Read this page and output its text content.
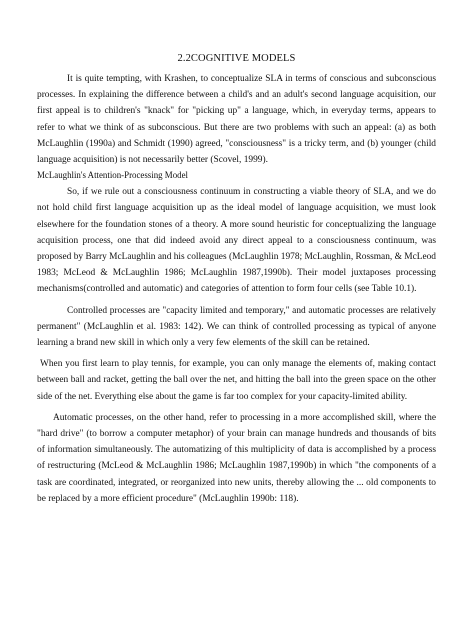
2.2COGNITIVE MODELS

It is quite tempting, with Krashen, to conceptualize SLA in terms of conscious and subconscious processes. In explaining the difference between a child's and an adult's second language acquisition, our first appeal is to children's "knack" for "picking up" a language, which, in everyday terms, appears to refer to what we think of as subconscious. But there are two problems with such an appeal: (a) as both McLaughlin (1990a) and Schmidt (1990) agreed, "consciousness" is a tricky term, and (b) younger (child language acquisition) is not necessarily better (Scovel, 1999).

McLaughlin's Attention-Processing Model

So, if we rule out a consciousness continuum in constructing a viable theory of SLA, and we do not hold child first language acquisition up as the ideal model of language acquisition, we must look elsewhere for the foundation stones of a theory. A more sound heuristic for conceptualizing the language acquisition process, one that did indeed avoid any direct appeal to a consciousness continuum, was proposed by Barry McLaughlin and his colleagues (McLaughlin 1978; McLaughlin, Rossman, & McLeod 1983; McLeod & McLaughlin 1986; McLaughlin 1987,1990b). Their model juxtaposes processing mechanisms(controlled and automatic) and categories of attention to form four cells (see Table 10.1).

Controlled processes are "capacity limited and temporary," and automatic processes are relatively permanent" (McLaughlin et al. 1983: 142). We can think of controlled processing as typical of anyone learning a brand new skill in which only a very few elements of the skill can be retained.

When you first learn to play tennis, for example, you can only manage the elements of, making contact between ball and racket, getting the ball over the net, and hitting the ball into the green space on the other side of the net. Everything else about the game is far too complex for your capacity-limited ability.

Automatic processes, on the other hand, refer to processing in a more accomplished skill, where the "hard drive" (to borrow a computer metaphor) of your brain can manage hundreds and thousands of bits of information simultaneously. The automatizing of this multiplicity of data is accomplished by a process of restructuring (McLeod & McLaughlin 1986; McLaughlin 1987,1990b) in which "the components of a task are coordinated, integrated, or reorganized into new units, thereby allowing the ... old components to be replaced by a more efficient procedure" (McLaughlin 1990b: 118).
